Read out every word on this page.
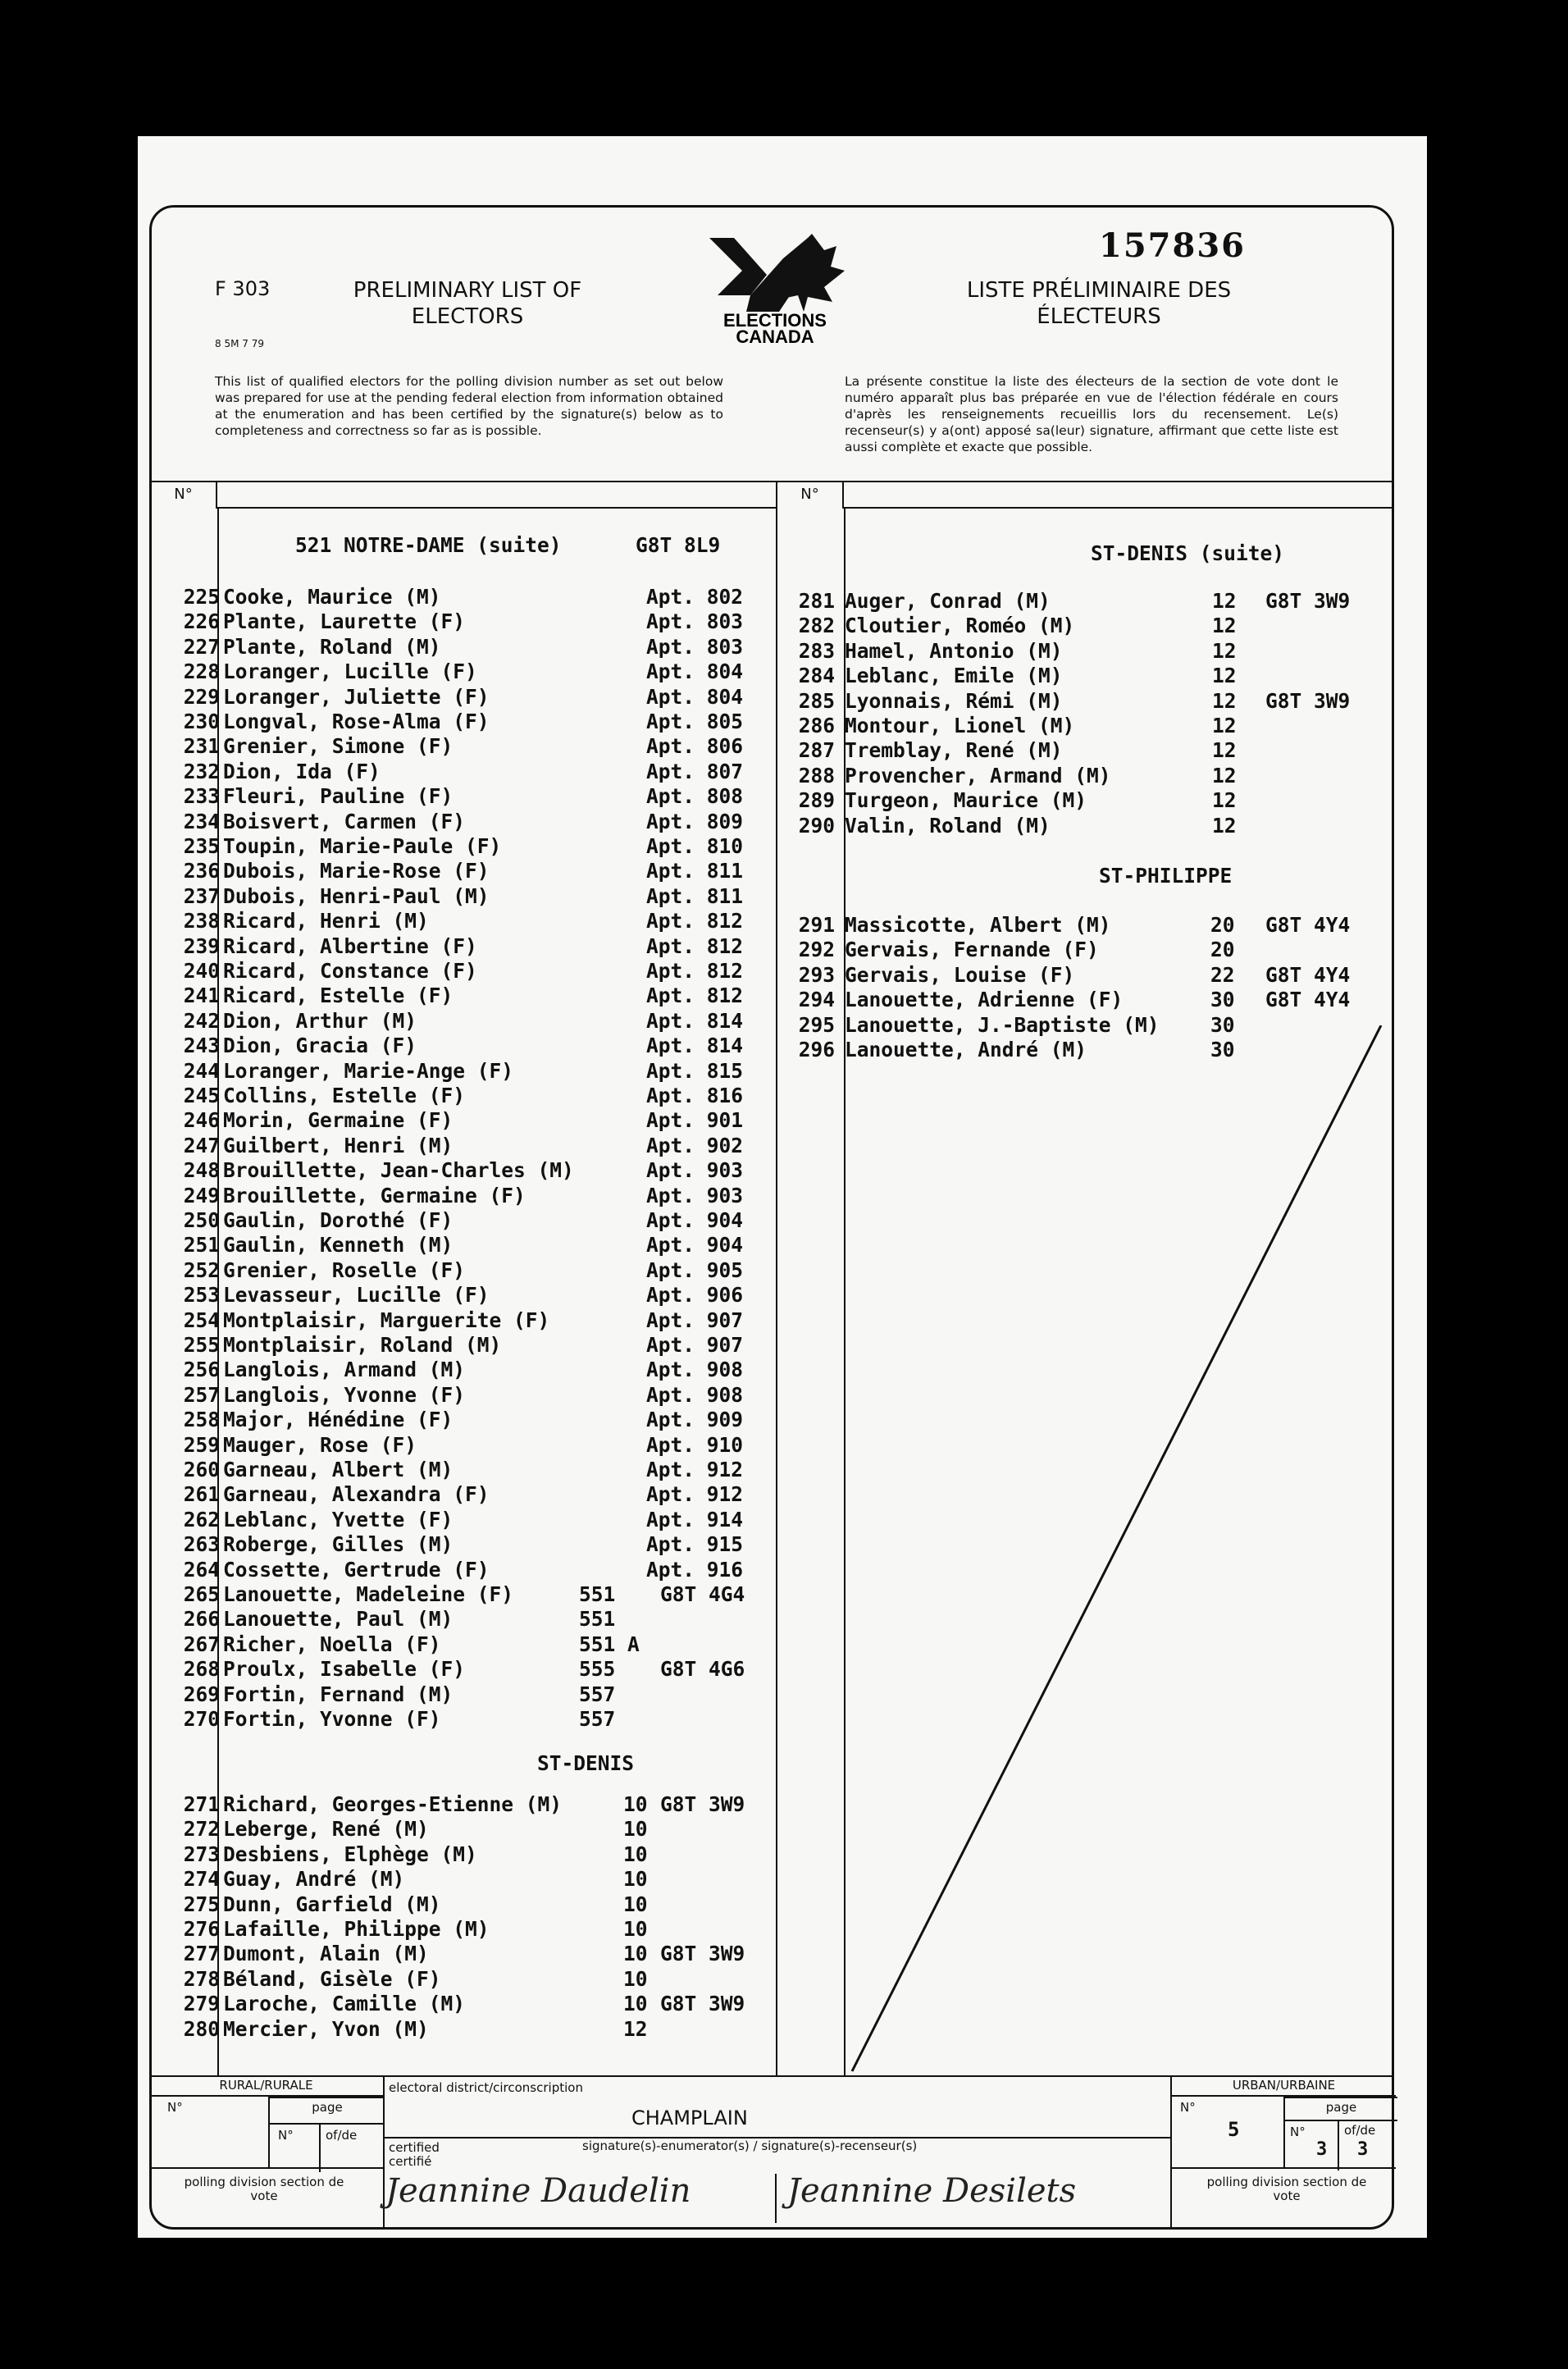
F 303
8 5M 7 79
PRELIMINARY LIST OF ELECTORS
LISTE PRÉLIMINAIRE DES ÉLECTEURS
157836
ELECTIONS
CANADA
This list of qualified electors for the polling division number as set out below was prepared for use at the pending federal election from information obtained at the enumeration and has been certified by the signature(s) below as to completeness and correctness so far as is possible.
La présente constitue la liste des électeurs de la section de vote dont le numéro apparaît plus bas préparée en vue de l'élection fédérale en cours d'après les renseignements recueillis lors du recensement. Le(s) recenseur(s) y a(ont) apposé sa(leur) signature, affirmant que cette liste est aussi complète et exacte que possible.
N°	N°
521 NOTRE-DAME (suite)	G8T 8L9
225 Cooke, Maurice (M)	Apt. 802
226 Plante, Laurette (F)	Apt. 803
227 Plante, Roland (M)	Apt. 803
228 Loranger, Lucille (F)	Apt. 804
229 Loranger, Juliette (F)	Apt. 804
230 Longval, Rose-Alma (F)	Apt. 805
231 Grenier, Simone (F)	Apt. 806
232 Dion, Ida (F)	Apt. 807
233 Fleuri, Pauline (F)	Apt. 808
234 Boisvert, Carmen (F)	Apt. 809
235 Toupin, Marie-Paule (F)	Apt. 810
236 Dubois, Marie-Rose (F)	Apt. 811
237 Dubois, Henri-Paul (M)	Apt. 811
238 Ricard, Henri (M)	Apt. 812
239 Ricard, Albertine (F)	Apt. 812
240 Ricard, Constance (F)	Apt. 812
241 Ricard, Estelle (F)	Apt. 812
242 Dion, Arthur (M)	Apt. 814
243 Dion, Gracia (F)	Apt. 814
244 Loranger, Marie-Ange (F)	Apt. 815
245 Collins, Estelle (F)	Apt. 816
246 Morin, Germaine (F)	Apt. 901
247 Guilbert, Henri (M)	Apt. 902
248 Brouillette, Jean-Charles (M)	Apt. 903
249 Brouillette, Germaine (F)	Apt. 903
250 Gaulin, Dorothé (F)	Apt. 904
251 Gaulin, Kenneth (M)	Apt. 904
252 Grenier, Roselle (F)	Apt. 905
253 Levasseur, Lucille (F)	Apt. 906
254 Montplaisir, Marguerite (F)	Apt. 907
255 Montplaisir, Roland (M)	Apt. 907
256 Langlois, Armand (M)	Apt. 908
257 Langlois, Yvonne (F)	Apt. 908
258 Major, Hénédine (F)	Apt. 909
259 Mauger, Rose (F)	Apt. 910
260 Garneau, Albert (M)	Apt. 912
261 Garneau, Alexandra (F)	Apt. 912
262 Leblanc, Yvette (F)	Apt. 914
263 Roberge, Gilles (M)	Apt. 915
264 Cossette, Gertrude (F)	Apt. 916
265 Lanouette, Madeleine (F)	551 G8T 4G4
266 Lanouette, Paul (M)	551
267 Richer, Noella (F)	551 A
268 Proulx, Isabelle (F)	555 G8T 4G6
269 Fortin, Fernand (M)	557
270 Fortin, Yvonne (F)	557
ST-DENIS
271 Richard, Georges-Etienne (M)	10 G8T 3W9
272 Leberge, René (M)	10
273 Desbiens, Elphège (M)	10
274 Guay, André (M)	10
275 Dunn, Garfield (M)	10
276 Lafaille, Philippe (M)	10
277 Dumont, Alain (M)	10 G8T 3W9
278 Béland, Gisèle (F)	10
279 Laroche, Camille (M)	10 G8T 3W9
280 Mercier, Yvon (M)	12
ST-DENIS (suite)
281 Auger, Conrad (M)	12 G8T 3W9
282 Cloutier, Roméo (M)	12
283 Hamel, Antonio (M)	12
284 Leblanc, Emile (M)	12
285 Lyonnais, Rémi (M)	12 G8T 3W9
286 Montour, Lionel (M)	12
287 Tremblay, René (M)	12
288 Provencher, Armand (M)	12
289 Turgeon, Maurice (M)	12
290 Valin, Roland (M)	12
ST-PHILIPPE
291 Massicotte, Albert (M)	20 G8T 4Y4
292 Gervais, Fernande (F)	20
293 Gervais, Louise (F)	22 G8T 4Y4
294 Lanouette, Adrienne (F)	30 G8T 4Y4
295 Lanouette, J.-Baptiste (M)	30
296 Lanouette, André (M)	30
RURAL/RURALE
N°	page
N°	of/de
polling division section de vote
electoral district/circonscription
CHAMPLAIN
certified certifié
signature(s)-enumerator(s) / signature(s)-recenseur(s)
Jeannine Daudelin	Jeannine Desilets
URBAN/URBAINE
N°
5
page
N°
3
of/de
3
polling division section de vote
